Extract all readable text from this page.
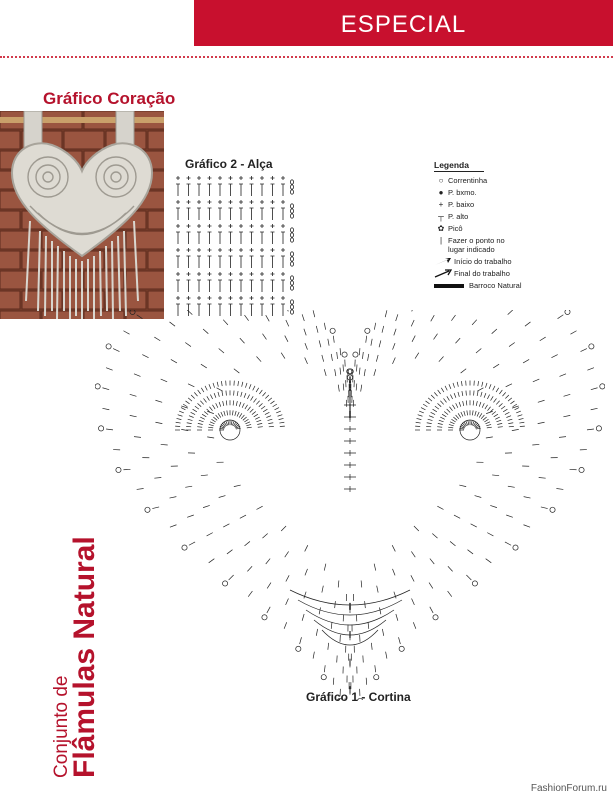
ESPECIAL
Gráfico Coração
Conjunto de
Flâmulas Natural
Gráfico 2 - Alça	Legenda
○ Correntinha
● P. bxmo.
+ P. baixo
┬ P. alto
✿ Picô
| Fazer o ponto no
lugar indicado
Início do trabalho
Final do trabalho
Barroco Natural
Gráfico 1 - Cortina
FashionForum.ru
